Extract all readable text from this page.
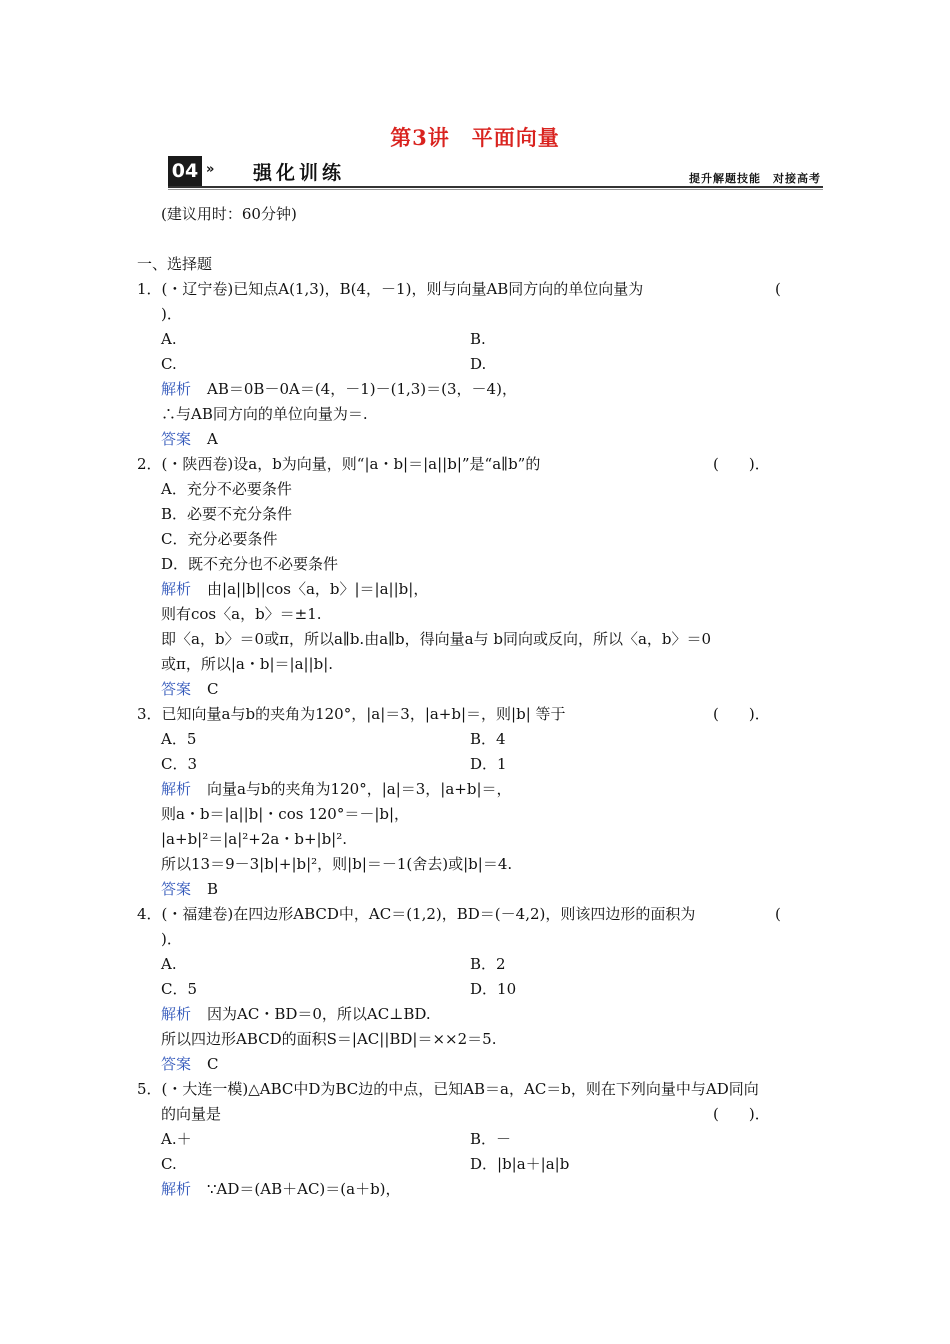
第3讲　平面向量
04 » 强化训练	提升解题技能　对接高考
(建议用时：60分钟)
一、选择题
1．(・辽宁卷)已知点A(1,3)，B(4，－1)，则与向量AB同方向的单位向量为	(
)．
A.	B.
C.	D.
解析 AB＝0B－0A＝(4，－1)－(1,3)＝(3，－4)，
∴与AB同方向的单位向量为＝.
答案 A
2．(・陕西卷)设a，b为向量，则“|a・b|＝|a||b|”是“a∥b”的	(　　)．
A．充分不必要条件
B．必要不充分条件
C．充分必要条件
D．既不充分也不必要条件
解析 由|a||b||cos〈a，b〉|＝|a||b|，
则有cos〈a，b〉＝±1.
即〈a，b〉＝0或π，所以a∥b.由a∥b，得向量a与 b同向或反向，所以〈a，b〉＝0
或π，所以|a・b|＝|a||b|.
答案 C
3．已知向量a与b的夹角为120°，|a|＝3，|a+b|＝，则|b| 等于	(　　)．
A．5	B．4
C．3	D．1
解析 向量a与b的夹角为120°，|a|＝3，|a+b|＝，
则a・b＝|a||b|・cos 120°＝－|b|，
|a+b|²＝|a|²+2a・b+|b|².
所以13＝9－3|b|+|b|²，则|b|＝－1(舍去)或|b|＝4.
答案 B
4．(・福建卷)在四边形ABCD中，AC＝(1,2)，BD＝(－4,2)，则该四边形的面积为	(
)．
A.	B．2
C．5	D．10
解析 因为AC・BD＝0，所以AC⊥BD.
所以四边形ABCD的面积S＝|AC||BD|＝××2＝5.
答案 C
5．(・大连一模)△ABC中D为BC边的中点，已知AB＝a，AC＝b，则在下列向量中与AD同向
的向量是	(　　)．
A.＋	B．－
C.	D．|b|a＋|a|b
解析 ∵AD＝(AB＋AC)＝(a＋b)，
